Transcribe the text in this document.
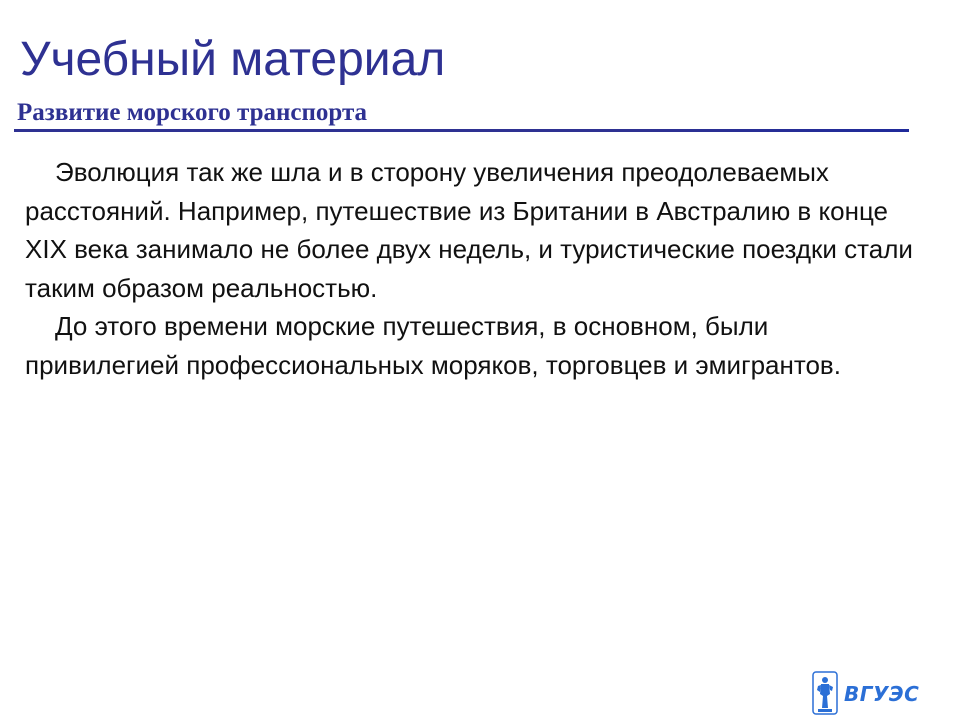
Учебный материал
Развитие морского транспорта

Эволюция так же шла и в сторону увеличения преодолеваемых расстояний. Например, путешествие из Британии в Австралию в конце XIX века занимало не более двух недель, и туристические поездки стали таким образом реальностью.

До этого времени морские путешествия, в основном, были привилегией профессиональных моряков, торговцев и эмигрантов.

ВГУЭС
